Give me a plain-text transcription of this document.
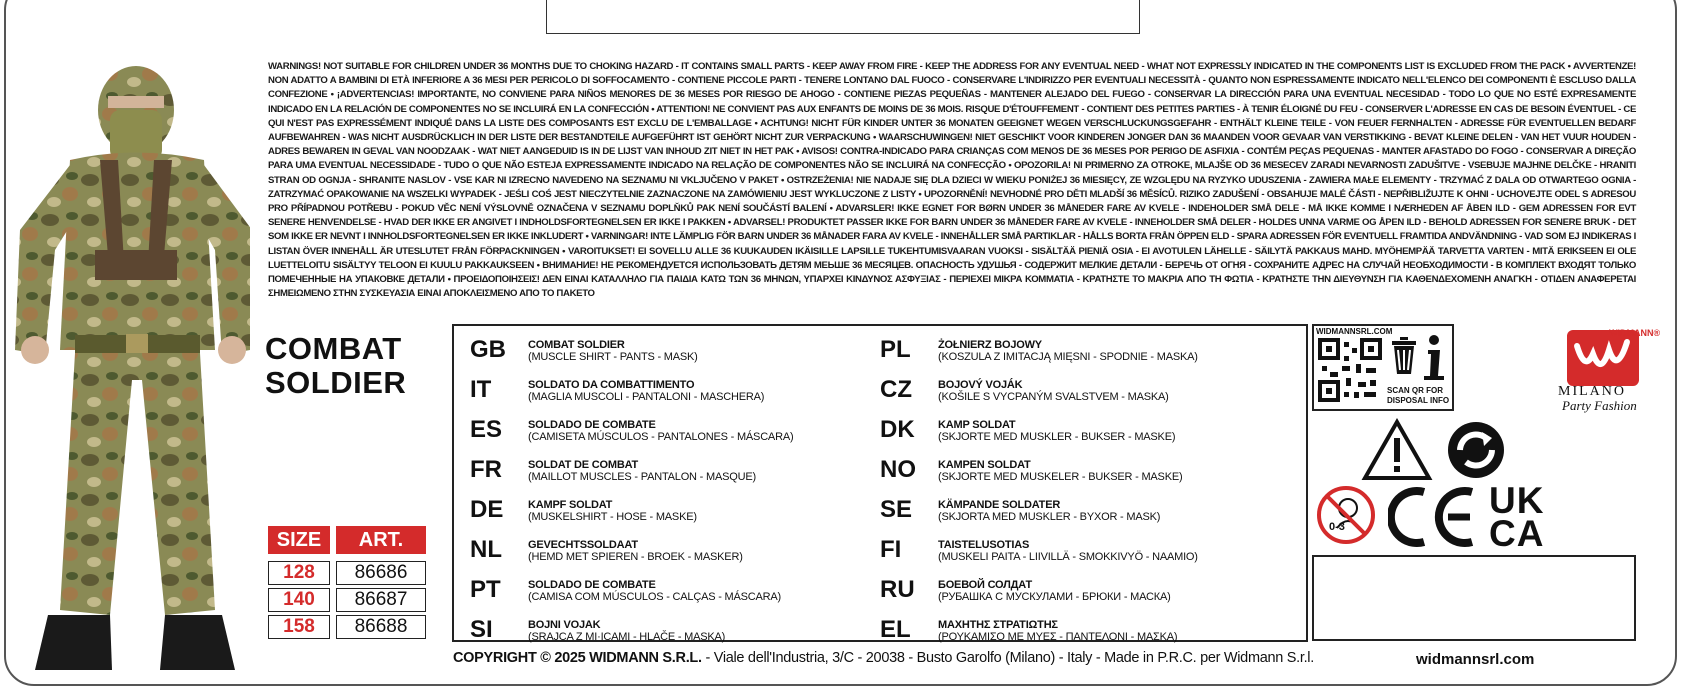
WARNINGS! NOT SUITABLE FOR CHILDREN UNDER 36 MONTHS DUE TO CHOKING HAZARD - IT CONTAINS SMALL PARTS - KEEP AWAY FROM FIRE - KEEP THE ADDRESS FOR ANY EVENTUAL NEED - WHAT NOT EXPRESSLY INDICATED IN THE COMPONENTS LIST IS EXCLUDED FROM THE PACK • AVVERTENZE! NON ADATTO A BAMBINI DI ETÀ INFERIORE A 36 MESI PER PERICOLO DI SOFFOCAMENTO - CONTIENE PICCOLE PARTI - TENERE LONTANO DAL FUOCO - CONSERVARE L'INDIRIZZO PER EVENTUALI NECESSITÀ - QUANTO NON ESPRESSAMENTE INDICATO NELL'ELENCO DEI COMPONENTI È ESCLUSO DALLA CONFEZIONE • ¡ADVERTENCIAS! IMPORTANTE, NO CONVIENE PARA NIÑOS MENORES DE 36 MESES POR RIESGO DE AHOGO - CONTIENE PIEZAS PEQUEÑAS - MANTENER ALEJADO DEL FUEGO - CONSERVAR LA DIRECCIÓN PARA UNA EVENTUAL NECESIDAD - TODO LO QUE NO ESTÉ EXPRESAMENTE INDICADO EN LA RELACIÓN DE COMPONENTES NO SE INCLUIRÁ EN LA CONFECCIÓN • ATTENTION! NE CONVIENT PAS AUX ENFANTS DE MOINS DE 36 MOIS. RISQUE D'ÉTOUFFEMENT - CONTIENT DES PETITES PARTIES - À TENIR ÉLOIGNÉ DU FEU - CONSERVER L'ADRESSE EN CAS DE BESOIN ÉVENTUEL - CE QUI N'EST PAS EXPRESSÉMENT INDIQUÉ DANS LA LISTE DES COMPOSANTS EST EXCLU DE L'EMBALLAGE • ACHTUNG! NICHT FÜR KINDER UNTER 36 MONATEN GEEIGNET WEGEN VERSCHLUCKUNGSGEFAHR - ENTHÄLT KLEINE TEILE - VON FEUER FERNHALTEN - ADRESSE FÜR EVENTUELLEN BEDARF AUFBEWAHREN - WAS NICHT AUSDRÜCKLICH IN DER LISTE DER BESTANDTEILE AUFGEFÜHRT IST GEHÖRT NICHT ZUR VERPACKUNG • WAARSCHUWINGEN! NIET GESCHIKT VOOR KINDEREN JONGER DAN 36 MAANDEN VOOR GEVAAR VAN VERSTIKKING - BEVAT KLEINE DELEN - VAN HET VUUR HOUDEN - ADRES BEWAREN IN GEVAL VAN NOODZAAK - WAT NIET AANGEDUID IS IN DE LIJST VAN INHOUD ZIT NIET IN HET PAK • AVISOS! CONTRA-INDICADO PARA CRIANÇAS COM MENOS DE 36 MESES POR PERIGO DE ASFIXIA - CONTÉM PEÇAS PEQUENAS - MANTER AFASTADO DO FOGO - CONSERVAR A DIREÇÃO PARA UMA EVENTUAL NECESSIDADE - TUDO O QUE NÃO ESTEJA EXPRESSAMENTE INDICADO NA RELAÇÃO DE COMPONENTES NÃO SE INCLUIRÁ NA CONFECÇÃO • OPOZORILA! NI PRIMERNO ZA OTROKE, MLAJŠE OD 36 MESECEV ZARADI NEVARNOSTI ZADUŠITVE - VSEBUJE MAJHNE DELČKE - HRANITI STRAN OD OGNJA - SHRANITE NASLOV - VSE KAR NI IZRECNO NAVEDENO NA SEZNAMU NI VKLJUČENO V PAKET • OSTRZEŻENIA! NIE NADAJE SIĘ DLA DZIECI W WIEKU PONIŻEJ 36 MIESIĘCY, ZE WZGLĘDU NA RYZYKO UDUSZENIA - ZAWIERA MAŁE ELEMENTY - TRZYMAĆ Z DALA OD OTWARTEGO OGNIA - ZATRZYMAĆ OPAKOWANIE NA WSZELKI WYPADEK - JEŚLI COŚ JEST NIECZYTELNIE ZAZNACZONE NA ZAMÓWIENIU JEST WYKLUCZONE Z LISTY • UPOZORNĚNÍ! NEVHODNÉ PRO DĚTI MLADŠÍ 36 MĚSÍCŮ. RIZIKO ZADUŠENÍ - OBSAHUJE MALÉ ČÁSTI - NEPŘIBLIŽUJTE K OHNI - UCHOVEJTE ODEL S ADRESOU PRO PŘÍPADNOU POTŘEBU - POKUD VĚC NENÍ VÝSLOVNĚ OZNAČENA V SEZNAMU DOPLŇKŮ PAK NENÍ SOUČÁSTÍ BALENÍ • ADVARSLER! IKKE EGNET FOR BØRN UNDER 36 MÅNEDER FARE AV KVELE - INDEHOLDER SMÅ DELE - MÅ IKKE KOMME I NÆRHEDEN AF ÅBEN ILD - GEM ADRESSEN FOR EVT SENERE HENVENDELSE - HVAD DER IKKE ER ANGIVET I INDHOLDSFORTEGNELSEN ER IKKE I PAKKEN • ADVARSEL! PRODUKTET PASSER IKKE FOR BARN UNDER 36 MÅNEDER FARE AV KVELE - INNEHOLDER SMÅ DELER - HOLDES UNNA VARME OG ÅPEN ILD - BEHOLD ADRESSEN FOR SENERE BRUK - DET SOM IKKE ER NEVNT I INNHOLDSFORTEGNELSEN ER IKKE INKLUDERT • VARNINGAR! INTE LÄMPLIG FÖR BARN UNDER 36 MÅNADER FARA AV KVELE - INNEHÅLLER SMÅ PARTIKLAR - HÅLLS BORTA FRÅN ÖPPEN ELD - SPARA ADRESSEN FÖR EVENTUELL FRAMTIDA ANDVÄNDNING - VAD SOM EJ INDIKERAS I LISTAN ÖVER INNEHÅLL ÄR UTESLUTET FRÅN FÖRPACKNINGEN • VAROITUKSET! EI SOVELLU ALLE 36 KUUKAUDEN IKÄISILLE LAPSILLE TUKEHTUMISVAARAN VUOKSI - SISÄLTÄÄ PIENIÄ OSIA - EI AVOTULEN LÄHELLE - SÄILYTÄ PAKKAUS MAHD. MYÖHEMPÄÄ TARVETTA VARTEN - MITÄ ERIKSEEN EI OLE LUETTELOITU SISÄLTYY TELOON EI KUULU PAKKAUKSEEN • ВНИМАНИЕ! НЕ РЕКОМЕНДУЕТСЯ ИСПОЛЬЗОВАТЬ ДЕТЯМ МЕЬШЕ 36 МЕСЯЦЕВ. ОПАСНОСТЬ УДУШЬЯ - СОДЕРЖИТ МЕЛКИЕ ДЕТАЛИ - БЕРЕЧЬ ОТ ОГНЯ - СОХРАНИТЕ АДРЕС НА СЛУЧАЙ НЕОБХОДИМОСТИ - В КОМПЛЕКТ ВХОДЯТ ТОЛЬКО ПОМЕЧЕННЫЕ НА УПАКОВКЕ ДЕТАЛИ • ΠΡΟΕΙΔΟΠΟΙΗΣΕΙΣ! ΔΕΝ ΕΙΝΑΙ ΚΑΤΑΛΛΗΛΟ ΓΙΑ ΠΑΙΔΙΑ ΚΑΤΩ ΤΩΝ 36 ΜΗΝΩΝ, ΥΠΑΡΧΕΙ ΚΙΝΔΥΝΟΣ ΑΣΦΥΞΙΑΣ - ΠΕΡΙΕΧΕΙ ΜΙΚΡΑ ΚΟΜΜΑΤΙΑ - ΚΡΑΤΗΣΤΕ ΤΟ ΜΑΚΡΙΑ ΑΠΟ ΤΗ ΦΩΤΙΑ - ΚΡΑΤΗΣΤΕ ΤΗΝ ΔΙΕΥΘΥΝΣΗ ΓΙΑ ΚΑΘΕΝΔΕΧΟΜΕΝΗ ΑΝΑΓΚΗ - ΟΤΙΔΕΝ ΑΝΑΦΕΡΕΤΑΙ ΣΗΜΕΙΩΜΕΝΟ ΣΤΗΝ ΣΥΣΚΕΥΑΣΙΑ ΕΙΝΑΙ ΑΠΟΚΛΕΙΣΜΕΝΟ ΑΠΟ ΤΟ ΠΑΚΕΤΟ
COMBAT
SOLDIER
SIZE	ART.
128	86686
140	86687
158	86688
GB	COMBAT SOLDIER
(MUSCLE SHIRT - PANTS - MASK)
IT	SOLDATO DA COMBATTIMENTO
(MAGLIA MUSCOLI - PANTALONI - MASCHERA)
ES	SOLDADO DE COMBATE
(CAMISETA MÚSCULOS - PANTALONES - MÁSCARA)
FR	SOLDAT DE COMBAT
(MAILLOT MUSCLES - PANTALON - MASQUE)
DE	KAMPF SOLDAT
(MUSKELSHIRT - HOSE - MASKE)
NL	GEVECHTSSOLDAAT
(HEMD MET SPIEREN - BROEK - MASKER)
PT	SOLDADO DE COMBATE
(CAMISA COM MÚSCULOS - CALÇAS - MÁSCARA)
SI	BOJNI VOJAK
(SRAJCA Z MI·ICAMI - HLAČE - MASKA)
PL	ŻOŁNIERZ BOJOWY
(KOSZULA Z IMITACJĄ MIĘSNI - SPODNIE - MASKA)
CZ	BOJOVÝ VOJÁK
(KOŠILE S VYCPANÝM SVALSTVEM - MASKA)
DK	KAMP SOLDAT
(SKJORTE MED MUSKLER - BUKSER - MASKE)
NO	KAMPEN SOLDAT
(SKJORTE MED MUSKELER - BUKSER - MASKE)
SE	KÄMPANDE SOLDATER
(SKJORTA MED MUSKLER - BYXOR - MASK)
FI	TAISTELUSOTIAS
(MUSKELI PAITA - LIIVILLÄ - SMOKKIVYÖ - NAAMIO)
RU	БОЕВОЙ СОЛДАТ
(РУБАШКА С МУСКУЛАМИ - БРЮКИ - МАСКА)
EL	ΜΑΧΗΤΗΣ ΣΤΡΑΤΙΩΤΗΣ
(ΡΟΥΚΑΜΙΣΟ ΜΕ ΜΥΕΣ - ΠΑΝΤΕΛΟΝΙ - ΜΑΣΚΑ)
WIDMANNSRL.COM
SCAN QR FOR
DISPOSAL INFO
WIDMANN®
MILANO
Party Fashion
0-3
UK
CA
COPYRIGHT © 2025 WIDMANN S.R.L. - Viale dell'Industria, 3/C - 20038 - Busto Garolfo (Milano) - Italy - Made in P.R.C. per Widmann S.r.l.	widmannsrl.com
